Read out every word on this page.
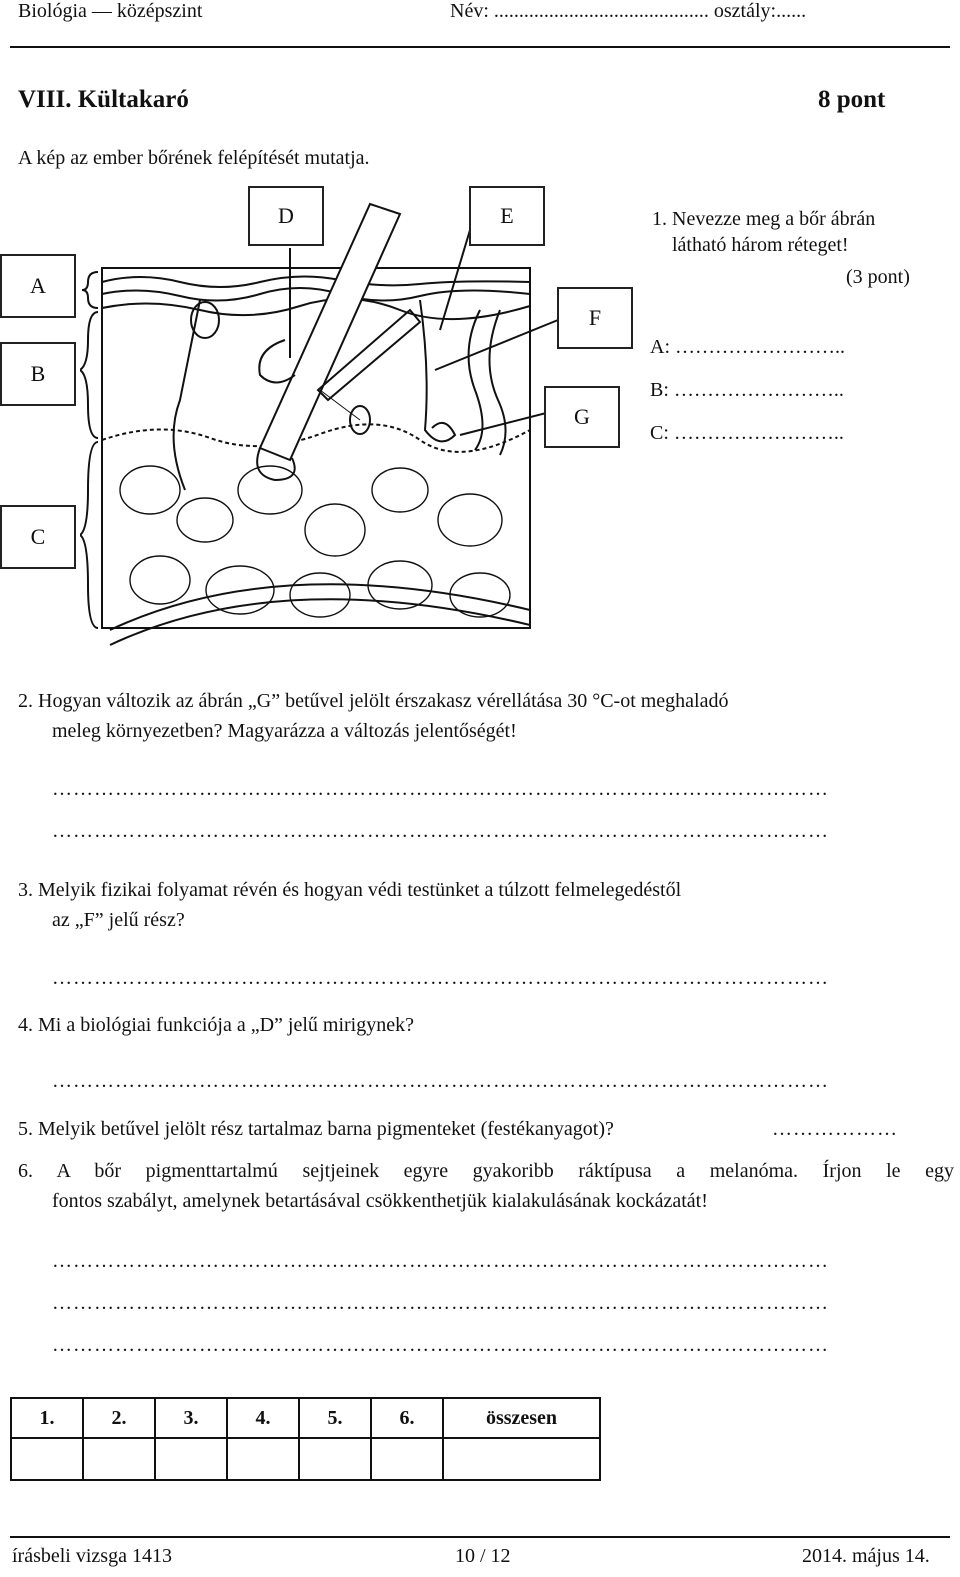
Biológia — középszint	Név: ........................................... osztály:......
VIII. Kültakaró	8 pont
A kép az ember bőrének felépítését mutatja.
A
B
C
D	E
F
G
1. Nevezze meg a bőr ábrán
látható három réteget!
(3 pont)
A: ……………………..
B: ……………………..
C: ……………………..
2. Hogyan változik az ábrán „G” betűvel jelölt érszakasz vérellátása 30 °C-ot meghaladó
meleg környezetben? Magyarázza a változás jelentőségét!
…………………………………………………………………………………………………
…………………………………………………………………………………………………
3. Melyik fizikai folyamat révén és hogyan védi testünket a túlzott felmelegedéstől
az „F” jelű rész?
…………………………………………………………………………………………………
4. Mi a biológiai funkciója a „D” jelű mirigynek?
…………………………………………………………………………………………………
5. Melyik betűvel jelölt rész tartalmaz barna pigmenteket (festékanyagot)?	………………
6. A bőr pigmenttartalmú sejtjeinek egyre gyakoribb ráktípusa a melanóma. Írjon le egy
fontos szabályt, amelynek betartásával csökkenthetjük kialakulásának kockázatát!
…………………………………………………………………………………………………
…………………………………………………………………………………………………
…………………………………………………………………………………………………
1.	2.	3.	4.	5.	6.	összesen

írásbeli vizsga 1413	10 / 12	2014. május 14.
